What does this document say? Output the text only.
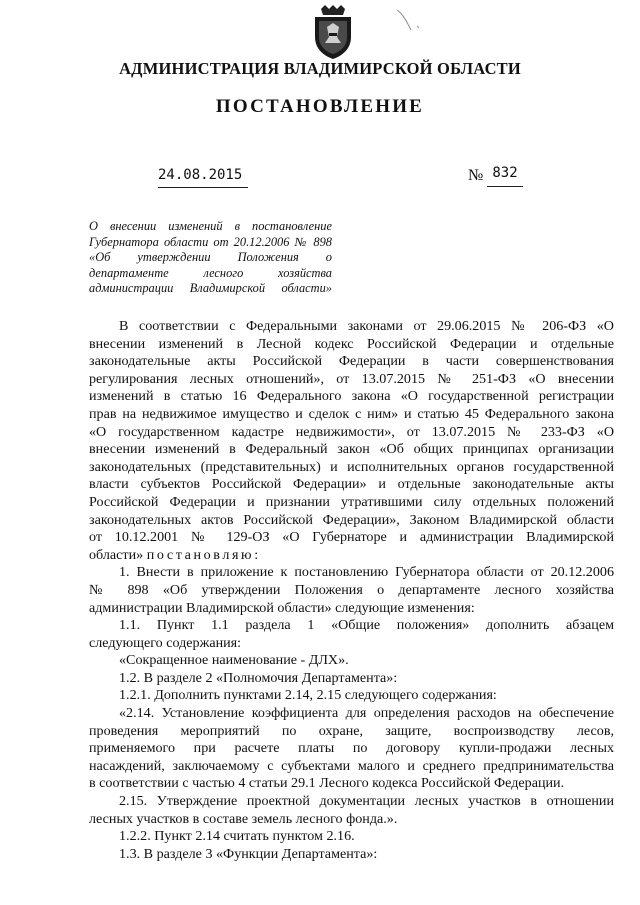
АДМИНИСТРАЦИЯ ВЛАДИМИРСКОЙ ОБЛАСТИ
ПОСТАНОВЛЕНИЕ
24.08.2015	№ 832
О внесении изменений в постановление
Губернатора области от 20.12.2006 № 898
«Об утверждении Положения о
департаменте лесного хозяйства
администрации Владимирской области»
В соответствии с Федеральными законами от 29.06.2015 № 206-ФЗ «О
внесении изменений в Лесной кодекс Российской Федерации и отдельные
законодательные акты Российской Федерации в части совершенствования
регулирования лесных отношений», от 13.07.2015 № 251-ФЗ «О внесении
изменений в статью 16 Федерального закона «О государственной регистрации
прав на недвижимое имущество и сделок с ним» и статью 45 Федерального закона
«О государственном кадастре недвижимости», от 13.07.2015 № 233-ФЗ «О
внесении изменений в Федеральный закон «Об общих принципах организации
законодательных (представительных) и исполнительных органов государственной
власти субъектов Российской Федерации» и отдельные законодательные акты
Российской Федерации и признании утратившими силу отдельных положений
законодательных актов Российской Федерации», Законом Владимирской области
от 10.12.2001 № 129-ОЗ «О Губернаторе и администрации Владимирской
области» постановляю:
1. Внести в приложение к постановлению Губернатора области от 20.12.2006
№ 898 «Об утверждении Положения о департаменте лесного хозяйства
администрации Владимирской области» следующие изменения:
1.1. Пункт 1.1 раздела 1 «Общие положения» дополнить абзацем
следующего содержания:
«Сокращенное наименование - ДЛХ».
1.2. В разделе 2 «Полномочия Департамента»:
1.2.1. Дополнить пунктами 2.14, 2.15 следующего содержания:
«2.14. Установление коэффициента для определения расходов на обеспечение
проведения мероприятий по охране, защите, воспроизводству лесов,
применяемого при расчете платы по договору купли-продажи лесных
насаждений, заключаемому с субъектами малого и среднего предпринимательства
в соответствии с частью 4 статьи 29.1 Лесного кодекса Российской Федерации.
2.15. Утверждение проектной документации лесных участков в отношении
лесных участков в составе земель лесного фонда.».
1.2.2. Пункт 2.14 считать пунктом 2.16.
1.3. В разделе 3 «Функции Департамента»:
